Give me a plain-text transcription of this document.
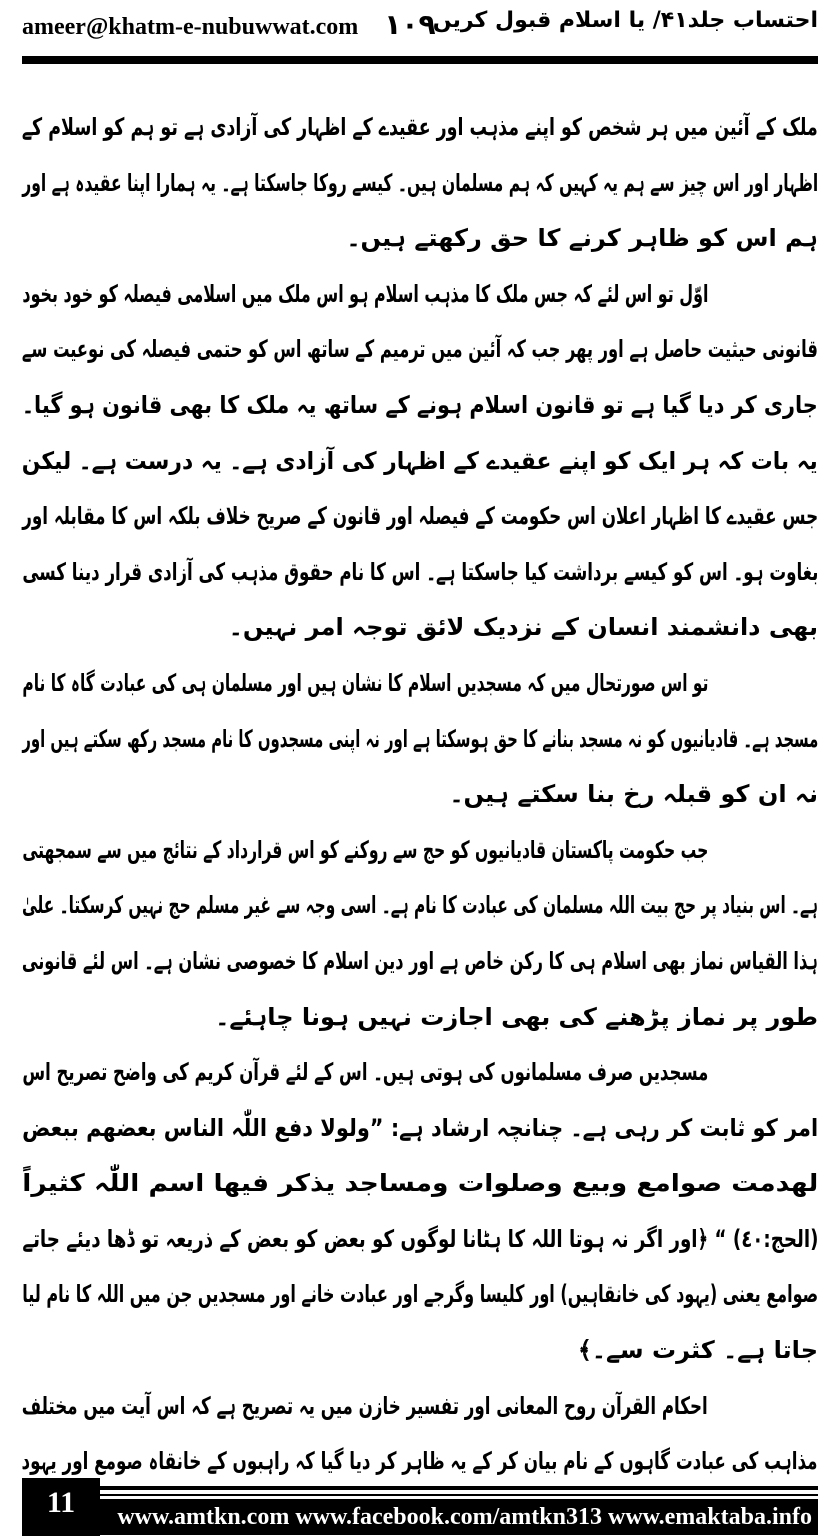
ameer@khatm-e-nubuwwat.com ١٠٩
احتساب جلد۴۱/ یا اسلام قبول کریں
ملک کے آئین میں ہر شخص کو اپنے مذہب اور عقیدے کے اظہار کی آزادی ہے تو ہم کو اسلام کے
اظہار اور اس چیز سے ہم یہ کہیں کہ ہم مسلمان ہیں۔ کیسے روکا جاسکتا ہے۔ یہ ہمارا اپنا عقیدہ ہے اور
ہم اس کو ظاہر کرنے کا حق رکھتے ہیں۔
اوّل تو اس لئے کہ جس ملک کا مذہب اسلام ہو اس ملک میں اسلامی فیصلہ کو خود بخود
قانونی حیثیت حاصل ہے اور پھر جب کہ آئین میں ترمیم کے ساتھ اس کو حتمی فیصلہ کی نوعیت سے
جاری کر دیا گیا ہے تو قانون اسلام ہونے کے ساتھ یہ ملک کا بھی قانون ہو گیا۔
یہ بات کہ ہر ایک کو اپنے عقیدے کے اظہار کی آزادی ہے۔ یہ درست ہے۔ لیکن
جس عقیدے کا اظہار اعلان اس حکومت کے فیصلہ اور قانون کے صریح خلاف بلکہ اس کا مقابلہ اور
بغاوت ہو۔ اس کو کیسے برداشت کیا جاسکتا ہے۔ اس کا نام حقوق مذہب کی آزادی قرار دینا کسی
بھی دانشمند انسان کے نزدیک لائق توجہ امر نہیں۔
تو اس صورتحال میں کہ مسجدیں اسلام کا نشان ہیں اور مسلمان ہی کی عبادت گاہ کا نام
مسجد ہے۔ قادیانیوں کو نہ مسجد بنانے کا حق ہوسکتا ہے اور نہ اپنی مسجدوں کا نام مسجد رکھ سکتے ہیں اور
نہ ان کو قبلہ رخ بنا سکتے ہیں۔
جب حکومت پاکستان قادیانیوں کو حج سے روکنے کو اس قرارداد کے نتائج میں سے سمجھتی
ہے۔ اس بنیاد پر حج بیت اللہ مسلمان کی عبادت کا نام ہے۔ اسی وجہ سے غیر مسلم حج نہیں کرسکتا۔ علیٰ
ہذا القیاس نماز بھی اسلام ہی کا رکن خاص ہے اور دین اسلام کا خصوصی نشان ہے۔ اس لئے قانونی
طور پر نماز پڑھنے کی بھی اجازت نہیں ہونا چاہئے۔
مسجدیں صرف مسلمانوں کی ہوتی ہیں۔ اس کے لئے قرآن کریم کی واضح تصریح اس
امر کو ثابت کر رہی ہے۔ چنانچہ ارشاد ہے: ”ولولا دفع اللّٰہ الناس بعضھم ببعض
لھدمت صوامع وبیع وصلوات ومساجد یذکر فیھا اسم اللّٰہ کثیراً
(الحج:٤٠) “ ﴿اور اگر نہ ہوتا اللہ کا ہٹانا لوگوں کو بعض کو بعض کے ذریعہ تو ڈھا دیئے جاتے
صوامع یعنی (یہود کی خانقاہیں) اور کلیسا وگرجے اور عبادت خانے اور مسجدیں جن میں اللہ کا نام لیا
جاتا ہے۔ کثرت سے۔﴾
احکام القرآن روح المعانی اور تفسیر خازن میں یہ تصریح ہے کہ اس آیت میں مختلف
مذاہب کی عبادت گاہوں کے نام بیان کر کے یہ ظاہر کر دیا گیا کہ راہبوں کے خانقاہ صومع اور یہود
11	www.amtkn.com www.facebook.com/amtkn313 www.emaktaba.info
